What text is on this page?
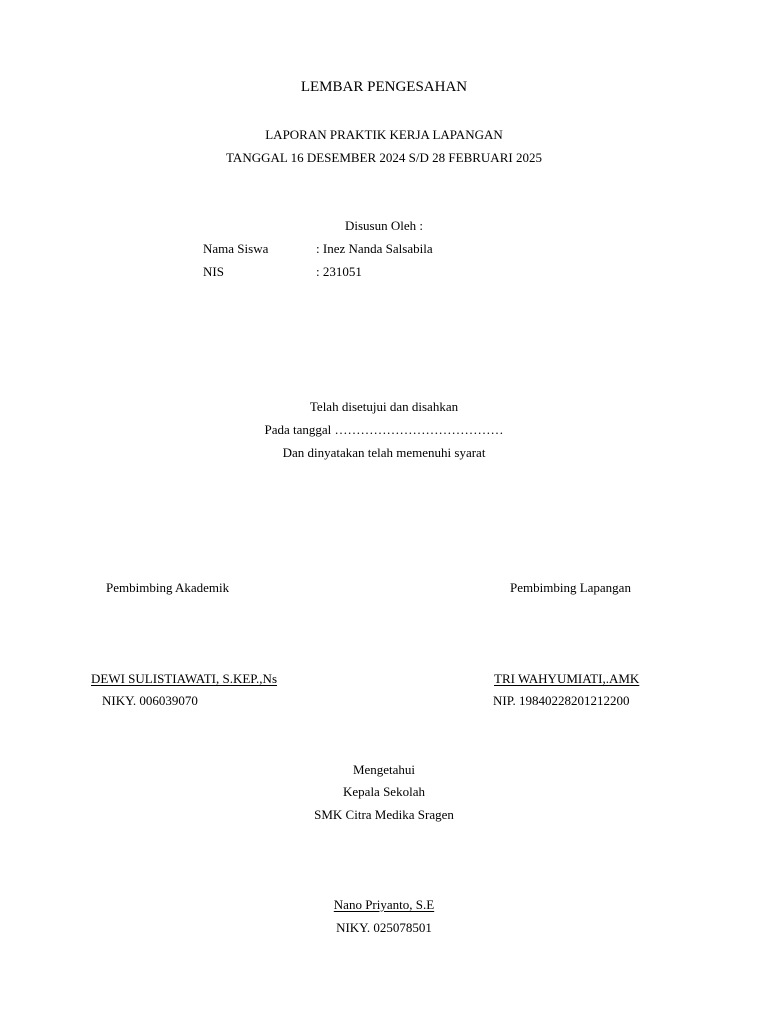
LEMBAR PENGESAHAN
LAPORAN PRAKTIK KERJA LAPANGAN
TANGGAL 16 DESEMBER 2024 S/D 28 FEBRUARI 2025
Disusun Oleh :
Nama Siswa	: Inez Nanda Salsabila
NIS	: 231051
Telah disetujui dan disahkan
Pada tanggal …………………………………
Dan dinyatakan telah memenuhi syarat
Pembimbing Akademik	Pembimbing Lapangan
DEWI SULISTIAWATI, S.KEP.,Ns	TRI WAHYUMIATI,.AMK
NIKY. 006039070	NIP. 19840228201212200
Mengetahui
Kepala Sekolah
SMK Citra Medika Sragen
Nano Priyanto, S.E
NIKY. 025078501
